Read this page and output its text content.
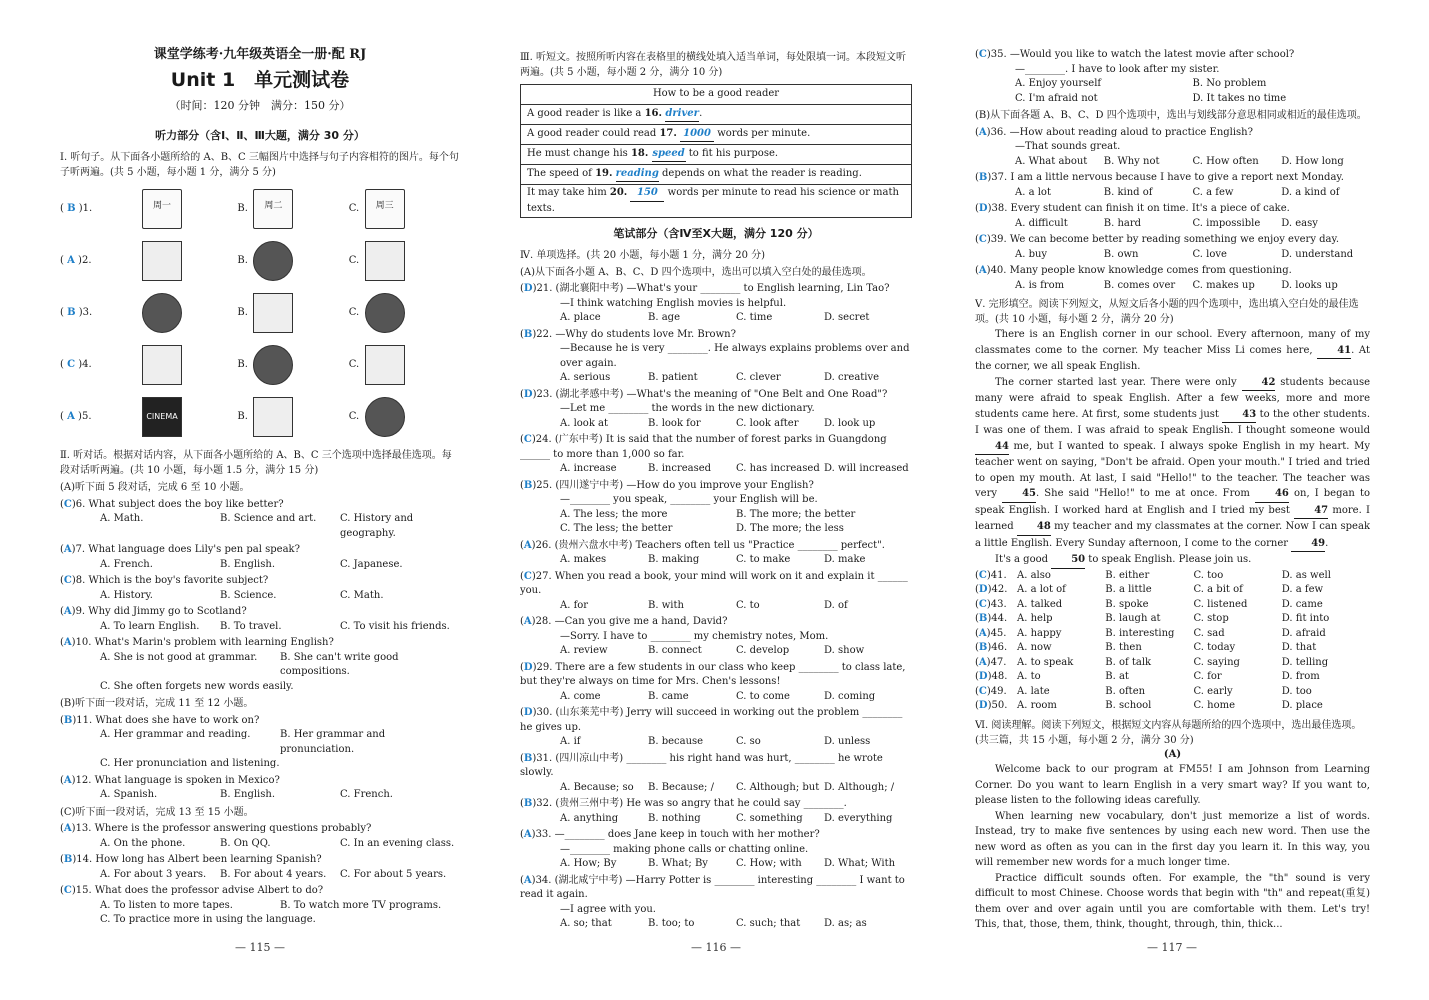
课堂学练考·九年级英语全一册·配 RJ
Unit 1　单元测试卷
（时间：120 分钟　满分：150 分）
听力部分（含Ⅰ、Ⅱ、Ⅲ大题，满分 30 分）
Ⅰ. 听句子。从下面各小题所给的 A、B、C 三幅图片中选择与句子内容相符的图片。每个句子听两遍。(共 5 小题，每小题 1 分，满分 5 分)
( B )1.	周一	B.	周二	C.	周三
( A )2.	B.	C.
( B )3.	B.	C.
( C )4.	B.	C.
( A )5.	CINEMA	B.	C.
Ⅱ. 听对话。根据对话内容，从下面各小题所给的 A、B、C 三个选项中选择最佳选项。每段对话听两遍。(共 10 小题，每小题 1.5 分，满分 15 分)
(A)听下面 5 段对话，完成 6 至 10 小题。
(C)6. What subject does the boy like better?
A. Math.	B. Science and art.	C. History and geography.
(A)7. What language does Lily's pen pal speak?
A. French.	B. English.	C. Japanese.
(C)8. Which is the boy's favorite subject?
A. History.	B. Science.	C. Math.
(A)9. Why did Jimmy go to Scotland?
A. To learn English.	B. To travel.	C. To visit his friends.
(A)10. What's Marin's problem with learning English?
A. She is not good at grammar.	B. She can't write good compositions.
C. She often forgets new words easily.
(B)听下面一段对话，完成 11 至 12 小题。
(B)11. What does she have to work on?
A. Her grammar and reading.	B. Her grammar and pronunciation.
C. Her pronunciation and listening.
(A)12. What language is spoken in Mexico?
A. Spanish.	B. English.	C. French.
(C)听下面一段对话，完成 13 至 15 小题。
(A)13. Where is the professor answering questions probably?
A. On the phone.	B. On QQ.	C. In an evening class.
(B)14. How long has Albert been learning Spanish?
A. For about 3 years.	B. For about 4 years.	C. For about 5 years.
(C)15. What does the professor advise Albert to do?
A. To listen to more tapes.	B. To watch more TV programs.
C. To practice more in using the language.
— 115 —
Ⅲ. 听短文。按照所听内容在表格里的横线处填入适当单词，每处限填一词。本段短文听两遍。(共 5 小题，每小题 2 分，满分 10 分)
How to be a good reader
A good reader is like a 16. driver.
A good reader could read 17. 1000 words per minute.
He must change his 18. speed to fit his purpose.
The speed of 19. reading depends on what the reader is reading.
It may take him 20. 150 words per minute to read his science or math texts.
笔试部分（含Ⅳ至Ⅹ大题，满分 120 分）
Ⅳ. 单项选择。(共 20 小题，每小题 1 分，满分 20 分)
(A)从下面各小题 A、B、C、D 四个选项中，选出可以填入空白处的最佳选项。
(D)21. (湖北襄阳中考) —What's your ________ to English learning, Lin Tao?
—I think watching English movies is helpful.
A. place	B. age	C. time	D. secret
(B)22. —Why do students love Mr. Brown?
—Because he is very ________. He always explains problems over and over again.
A. serious	B. patient	C. clever	D. creative
(D)23. (湖北孝感中考) —What's the meaning of "One Belt and One Road"?
—Let me ________ the words in the new dictionary.
A. look at	B. look for	C. look after	D. look up
(C)24. (广东中考) It is said that the number of forest parks in Guangdong ______ to more than 1,000 so far.
A. increase	B. increased	C. has increased D. will increased
(B)25. (四川遂宁中考) —How do you improve your English?
—________ you speak, ________ your English will be.
A. The less; the more	B. The more; the better
C. The less; the better	D. The more; the less
(A)26. (贵州六盘水中考) Teachers often tell us "Practice ________ perfect".
A. makes	B. making	C. to make	D. make
(C)27. When you read a book, your mind will work on it and explain it ______ you.
A. for	B. with	C. to	D. of
(A)28. —Can you give me a hand, David?
—Sorry. I have to ________ my chemistry notes, Mom.
A. review	B. connect	C. develop	D. show
(D)29. There are a few students in our class who keep ________ to class late, but they're always on time for Mrs. Chen's lessons!
A. come	B. came	C. to come	D. coming
(D)30. (山东莱芜中考) Jerry will succeed in working out the problem ________ he gives up.
A. if	B. because	C. so	D. unless
(B)31. (四川凉山中考) ________ his right hand was hurt, ________ he wrote slowly.
A. Because; so	B. Because; /	C. Although; but D. Although; /
(B)32. (贵州三州中考) He was so angry that he could say ________.
A. anything	B. nothing	C. something	D. everything
(A)33. —________ does Jane keep in touch with her mother?
—________ making phone calls or chatting online.
A. How; By	B. What; By	C. How; with	D. What; With
(A)34. (湖北咸宁中考) —Harry Potter is ________ interesting ________ I want to read it again.
—I agree with you.
A. so; that	B. too; to	C. such; that	D. as; as
— 116 —
(C)35. —Would you like to watch the latest movie after school?
—________. I have to look after my sister.
A. Enjoy yourself	B. No problem
C. I'm afraid not	D. It takes no time
(B)从下面各题 A、B、C、D 四个选项中，选出与划线部分意思相同或相近的最佳选项。
(A)36. —How about reading aloud to practice English?
—That sounds great.
A. What about	B. Why not	C. How often	D. How long
(B)37. I am a little nervous because I have to give a report next Monday.
A. a lot	B. kind of	C. a few	D. a kind of
(D)38. Every student can finish it on time. It's a piece of cake.
A. difficult	B. hard	C. impossible	D. easy
(C)39. We can become better by reading something we enjoy every day.
A. buy	B. own	C. love	D. understand
(A)40. Many people know knowledge comes from questioning.
A. is from	B. comes over	C. makes up	D. looks up
Ⅴ. 完形填空。阅读下列短文，从短文后各小题的四个选项中，选出填入空白处的最佳选项。(共 10 小题，每小题 2 分，满分 20 分)
There is an English corner in our school. Every afternoon, many of my classmates come to the corner. My teacher Miss Li comes here, 41. At the corner, we all speak English.
The corner started last year. There were only 42 students because many were afraid to speak English. After a few weeks, more and more students came here. At first, some students just 43 to the other students. I was one of them. I was afraid to speak English. I thought someone would 44 me, but I wanted to speak. I always spoke English in my heart. My teacher went on saying, "Don't be afraid. Open your mouth." I tried and tried to open my mouth. At last, I said "Hello!" to the teacher. The teacher was very 45. She said "Hello!" to me at once. From 46 on, I began to speak English. I worked hard at English and I tried my best 47 more. I learned 48 my teacher and my classmates at the corner. Now I can speak a little English. Every Sunday afternoon, I come to the corner 49.
It's a good 50 to speak English. Please join us.
(C)41.	A. also	B. either	C. too	D. as well
(D)42. A. a lot of	B. a little	C. a bit of	D. a few
(C)43.	A. talked	B. spoke	C. listened	D. came
(B)44. A. help	B. laugh at	C. stop	D. fit into
(A)45.	A. happy	B. interesting	C. sad	D. afraid
(B)46. A. now	B. then	C. today	D. that
(A)47.	A. to speak	B. of talk	C. saying	D. telling
(D)48. A. to	B. at	C. for	D. from
(C)49.	A. late	B. often	C. early	D. too
(D)50. A. room	B. school	C. home	D. place
Ⅵ. 阅读理解。阅读下列短文，根据短文内容从每题所给的四个选项中，选出最佳选项。(共三篇，共 15 小题，每小题 2 分，满分 30 分)
(A)
Welcome back to our program at FM55! I am Johnson from Learning Corner. Do you want to learn English in a very smart way? If you want to, please listen to the following ideas carefully.
When learning new vocabulary, don't just memorize a list of words. Instead, try to make five sentences by using each new word. Then use the new word as often as you can in the first day you learn it. In this way, you will remember new words for a much longer time.
Practice difficult sounds often. For example, the "th" sound is very difficult to most Chinese. Choose words that begin with "th" and repeat(重复) them over and over again until you are comfortable with them. Let's try! This, that, those, them, think, thought, through, thin, thick...
— 117 —
